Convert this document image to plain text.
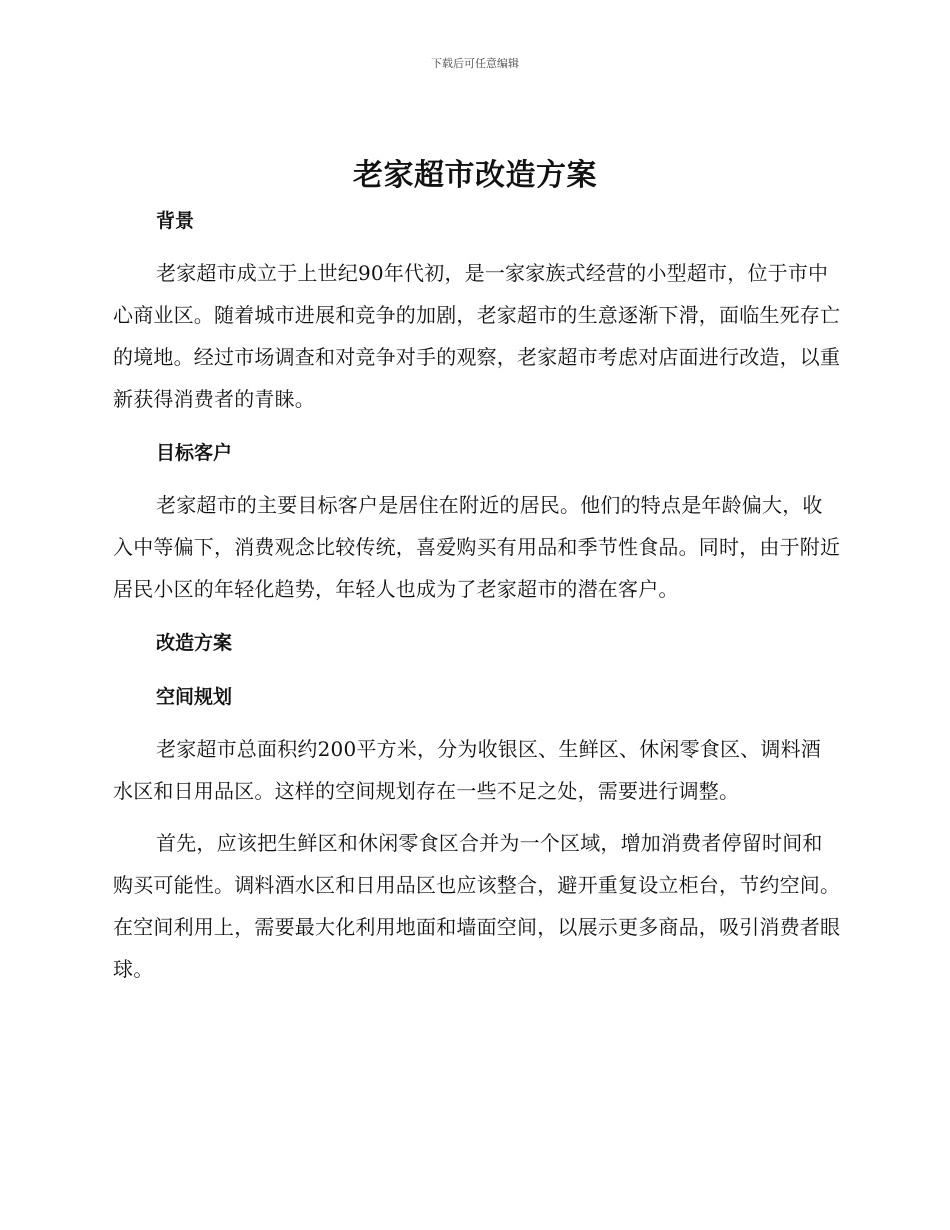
下载后可任意编辑
老家超市改造方案

背景

老家超市成立于上世纪90年代初，是一家家族式经营的小型超市，位于市中心商业区。随着城市进展和竞争的加剧，老家超市的生意逐渐下滑，面临生死存亡的境地。经过市场调查和对竞争对手的观察，老家超市考虑对店面进行改造，以重新获得消费者的青睐。

目标客户

老家超市的主要目标客户是居住在附近的居民。他们的特点是年龄偏大，收入中等偏下，消费观念比较传统，喜爱购买有用品和季节性食品。同时，由于附近居民小区的年轻化趋势，年轻人也成为了老家超市的潜在客户。

改造方案

空间规划

老家超市总面积约200平方米，分为收银区、生鲜区、休闲零食区、调料酒水区和日用品区。这样的空间规划存在一些不足之处，需要进行调整。

首先，应该把生鲜区和休闲零食区合并为一个区域，增加消费者停留时间和购买可能性。调料酒水区和日用品区也应该整合，避开重复设立柜台，节约空间。在空间利用上，需要最大化利用地面和墙面空间，以展示更多商品，吸引消费者眼球。
